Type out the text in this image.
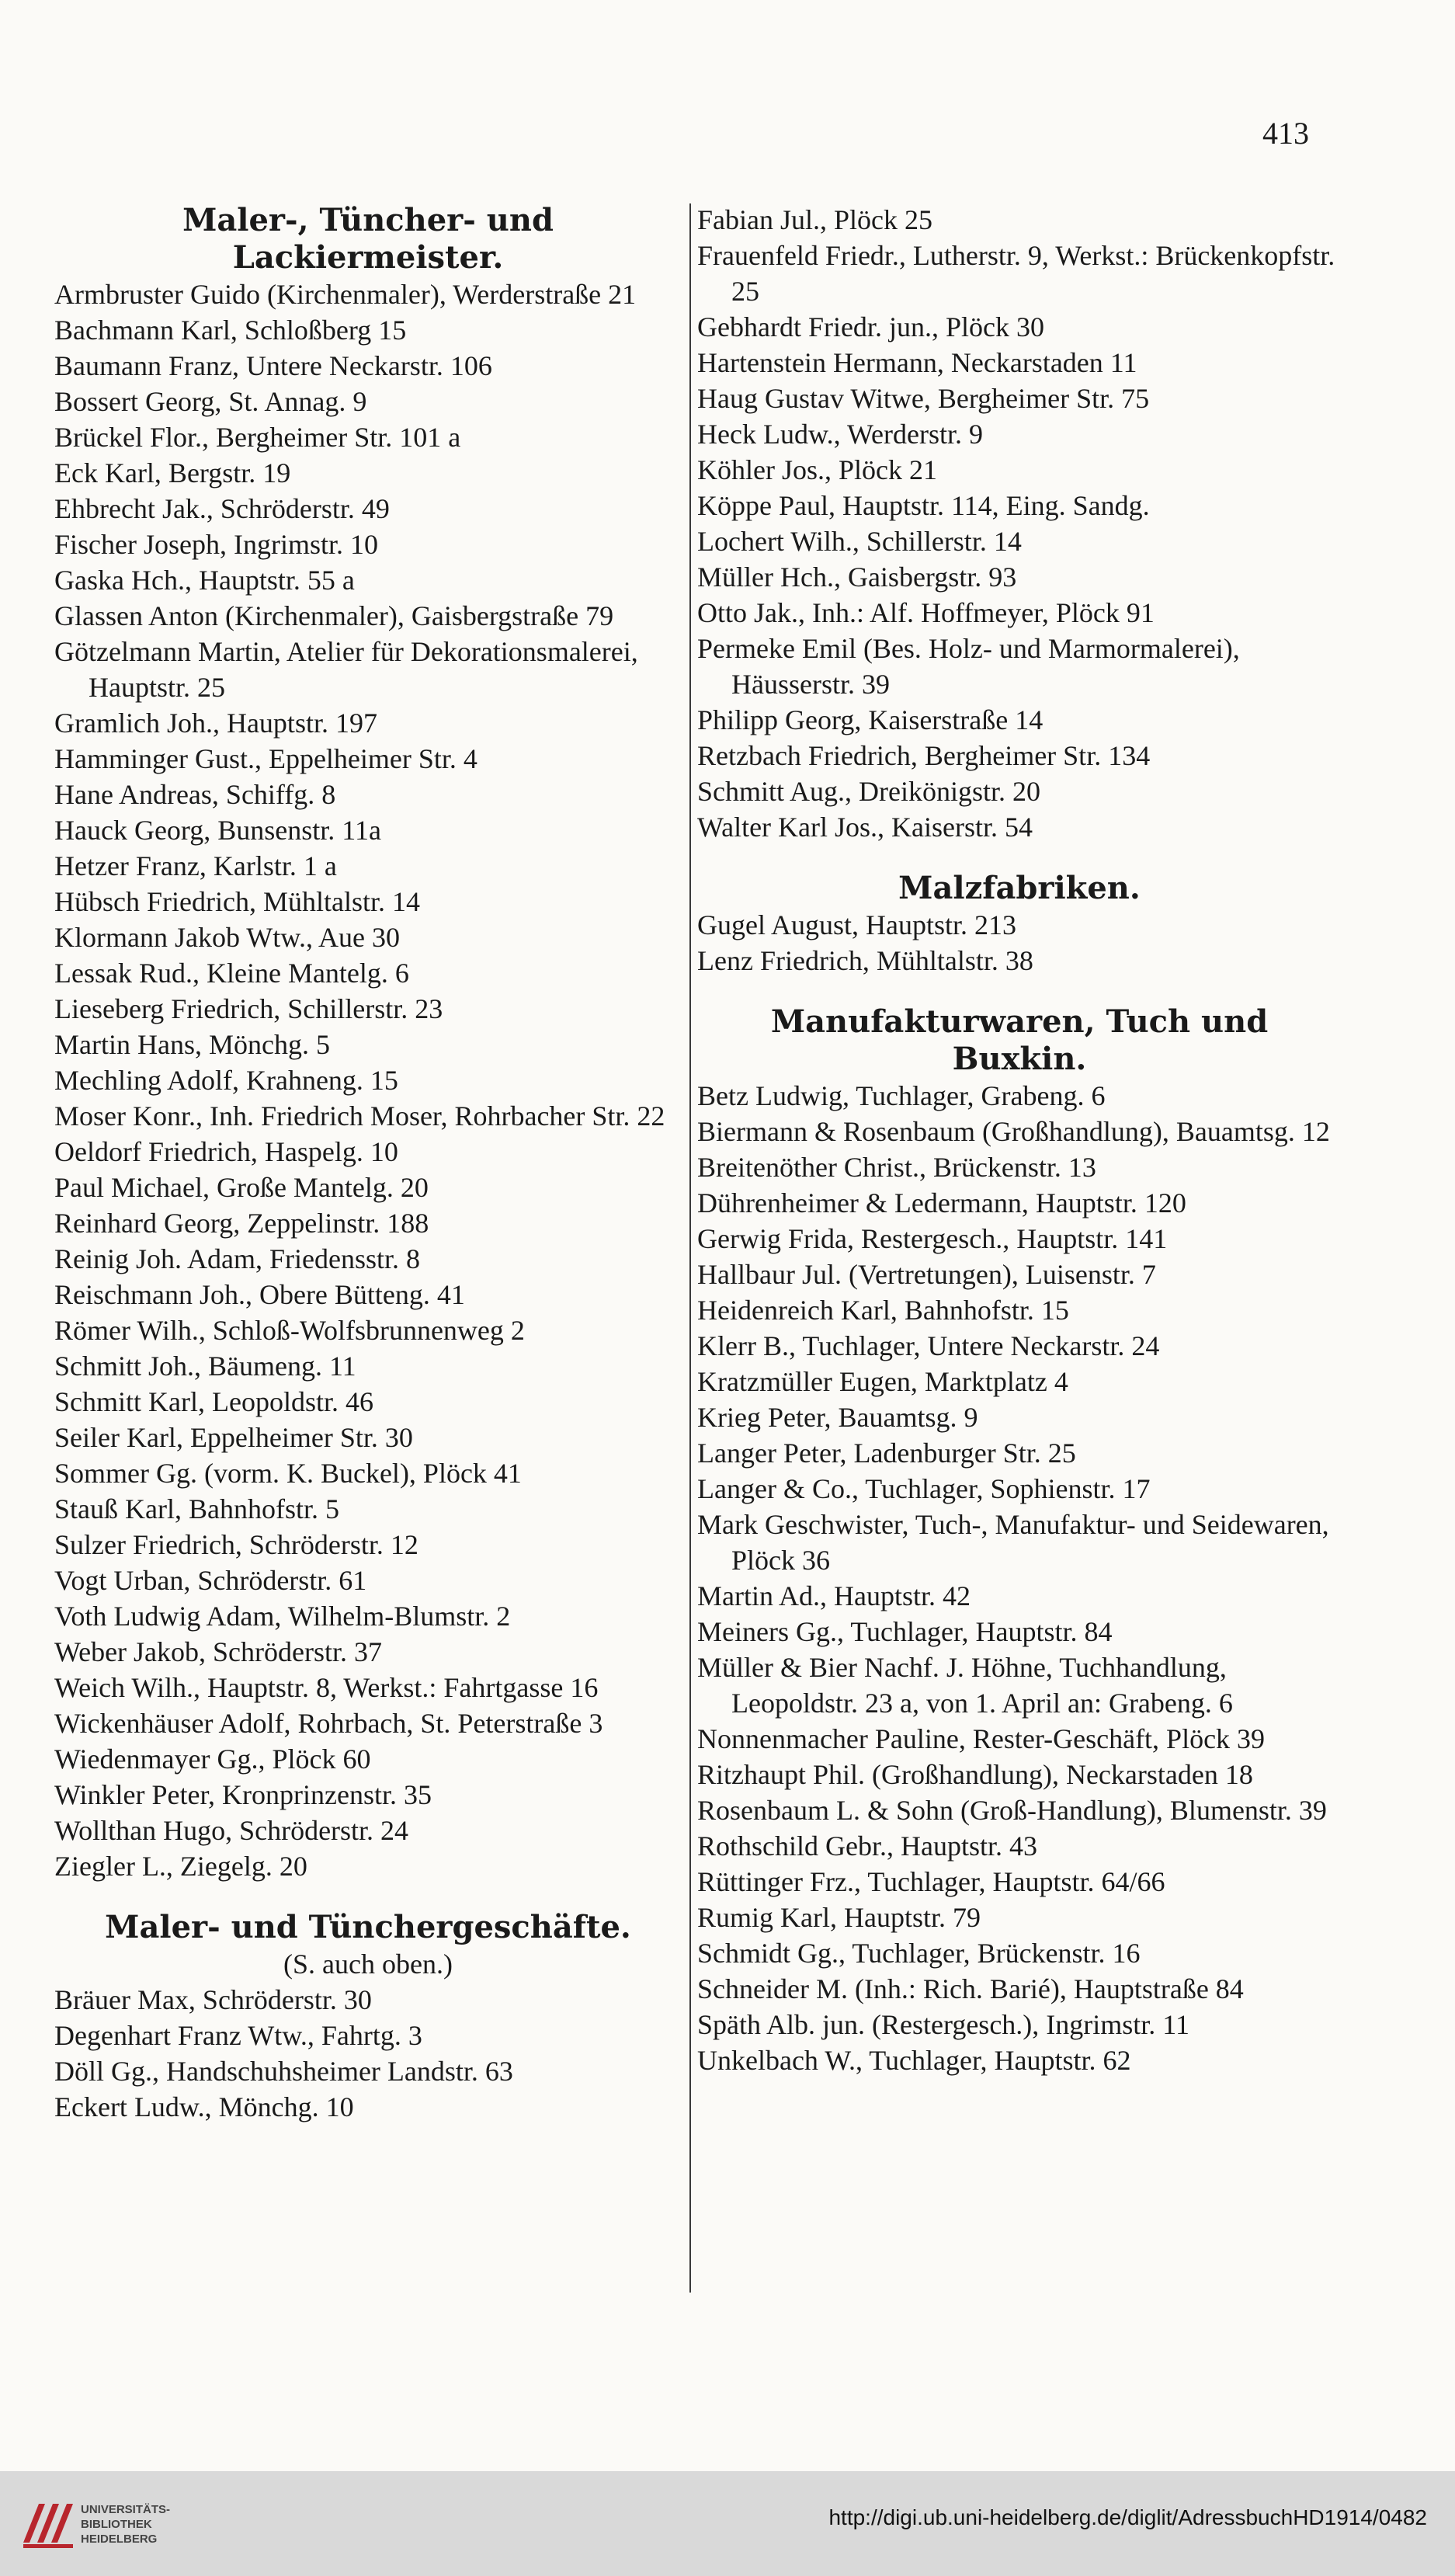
413
Maler-, Tüncher- und Lackiermeister.
Armbruster Guido (Kirchenmaler), Werderstraße 21
Bachmann Karl, Schloßberg 15
Baumann Franz, Untere Neckarstr. 106
Bossert Georg, St. Annag. 9
Brückel Flor., Bergheimer Str. 101 a
Eck Karl, Bergstr. 19
Ehbrecht Jak., Schröderstr. 49
Fischer Joseph, Ingrimstr. 10
Gaska Hch., Hauptstr. 55 a
Glassen Anton (Kirchenmaler), Gaisbergstraße 79
Götzelmann Martin, Atelier für Dekorationsmalerei, Hauptstr. 25
Gramlich Joh., Hauptstr. 197
Hamminger Gust., Eppelheimer Str. 4
Hane Andreas, Schiffg. 8
Hauck Georg, Bunsenstr. 11a
Hetzer Franz, Karlstr. 1 a
Hübsch Friedrich, Mühltalstr. 14
Klormann Jakob Wtw., Aue 30
Lessak Rud., Kleine Mantelg. 6
Lieseberg Friedrich, Schillerstr. 23
Martin Hans, Mönchg. 5
Mechling Adolf, Krahneng. 15
Moser Konr., Inh. Friedrich Moser, Rohrbacher Str. 22
Oeldorf Friedrich, Haspelg. 10
Paul Michael, Große Mantelg. 20
Reinhard Georg, Zeppelinstr. 188
Reinig Joh. Adam, Friedensstr. 8
Reischmann Joh., Obere Bütteng. 41
Römer Wilh., Schloß-Wolfsbrunnenweg 2
Schmitt Joh., Bäumeng. 11
Schmitt Karl, Leopoldstr. 46
Seiler Karl, Eppelheimer Str. 30
Sommer Gg. (vorm. K. Buckel), Plöck 41
Stauß Karl, Bahnhofstr. 5
Sulzer Friedrich, Schröderstr. 12
Vogt Urban, Schröderstr. 61
Voth Ludwig Adam, Wilhelm-Blumstr. 2
Weber Jakob, Schröderstr. 37
Weich Wilh., Hauptstr. 8, Werkst.: Fahrtgasse 16
Wickenhäuser Adolf, Rohrbach, St. Peterstraße 3
Wiedenmayer Gg., Plöck 60
Winkler Peter, Kronprinzenstr. 35
Wollthan Hugo, Schröderstr. 24
Ziegler L., Ziegelg. 20
Maler- und Tünchergeschäfte.
(S. auch oben.)
Bräuer Max, Schröderstr. 30
Degenhart Franz Wtw., Fahrtg. 3
Döll Gg., Handschuhsheimer Landstr. 63
Eckert Ludw., Mönchg. 10
Fabian Jul., Plöck 25
Frauenfeld Friedr., Lutherstr. 9, Werkst.: Brückenkopfstr. 25
Gebhardt Friedr. jun., Plöck 30
Hartenstein Hermann, Neckarstaden 11
Haug Gustav Witwe, Bergheimer Str. 75
Heck Ludw., Werderstr. 9
Köhler Jos., Plöck 21
Köppe Paul, Hauptstr. 114, Eing. Sandg.
Lochert Wilh., Schillerstr. 14
Müller Hch., Gaisbergstr. 93
Otto Jak., Inh.: Alf. Hoffmeyer, Plöck 91
Permeke Emil (Bes. Holz- und Marmormalerei), Häusserstr. 39
Philipp Georg, Kaiserstraße 14
Retzbach Friedrich, Bergheimer Str. 134
Schmitt Aug., Dreikönigstr. 20
Walter Karl Jos., Kaiserstr. 54
Malzfabriken.
Gugel August, Hauptstr. 213
Lenz Friedrich, Mühltalstr. 38
Manufakturwaren, Tuch und Buxkin.
Betz Ludwig, Tuchlager, Grabeng. 6
Biermann & Rosenbaum (Großhandlung), Bauamtsg. 12
Breitenöther Christ., Brückenstr. 13
Dührenheimer & Ledermann, Hauptstr. 120
Gerwig Frida, Restergesch., Hauptstr. 141
Hallbaur Jul. (Vertretungen), Luisenstr. 7
Heidenreich Karl, Bahnhofstr. 15
Klerr B., Tuchlager, Untere Neckarstr. 24
Kratzmüller Eugen, Marktplatz 4
Krieg Peter, Bauamtsg. 9
Langer Peter, Ladenburger Str. 25
Langer & Co., Tuchlager, Sophienstr. 17
Mark Geschwister, Tuch-, Manufaktur- und Seidewaren, Plöck 36
Martin Ad., Hauptstr. 42
Meiners Gg., Tuchlager, Hauptstr. 84
Müller & Bier Nachf. J. Höhne, Tuchhandlung, Leopoldstr. 23 a, von 1. April an: Grabeng. 6
Nonnenmacher Pauline, Rester-Geschäft, Plöck 39
Ritzhaupt Phil. (Großhandlung), Neckarstaden 18
Rosenbaum L. & Sohn (Groß-Handlung), Blumenstr. 39
Rothschild Gebr., Hauptstr. 43
Rüttinger Frz., Tuchlager, Hauptstr. 64/66
Rumig Karl, Hauptstr. 79
Schmidt Gg., Tuchlager, Brückenstr. 16
Schneider M. (Inh.: Rich. Barié), Hauptstraße 84
Späth Alb. jun. (Restergesch.), Ingrimstr. 11
Unkelbach W., Tuchlager, Hauptstr. 62
UNIVERSITÄTS-
BIBLIOTHEK
HEIDELBERG
http://digi.ub.uni-heidelberg.de/diglit/AdressbuchHD1914/0482
